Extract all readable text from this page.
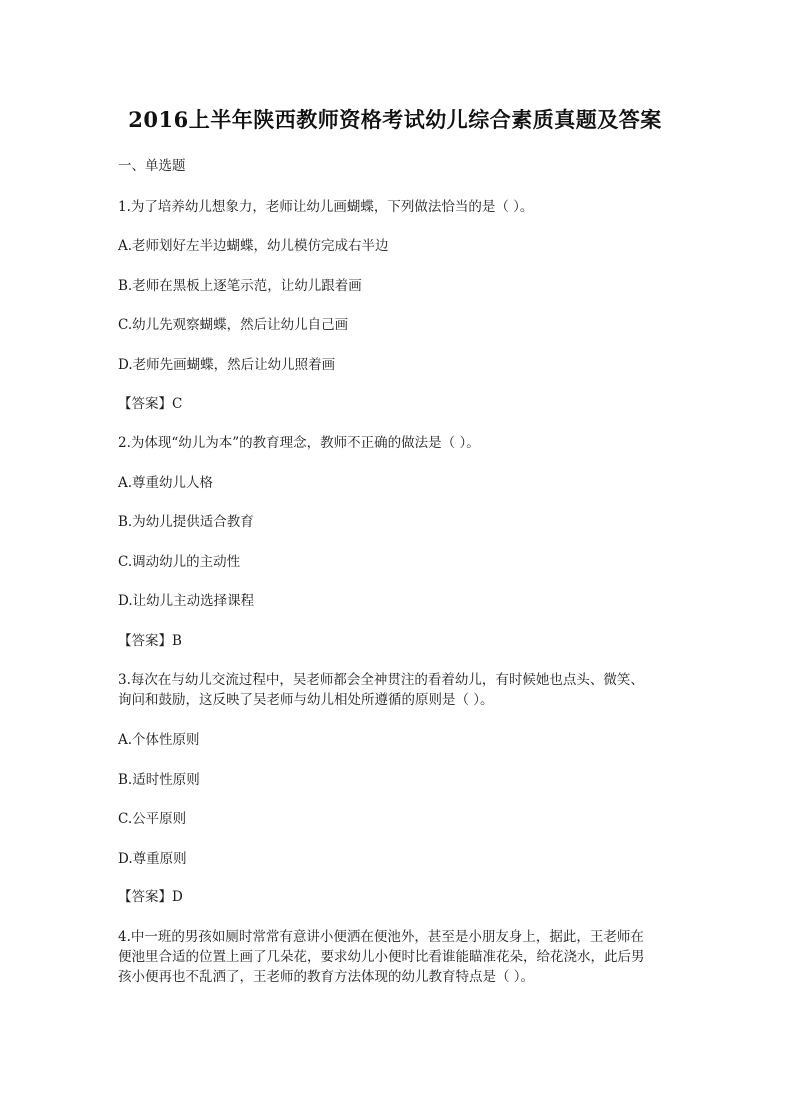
2016上半年陕西教师资格考试幼儿综合素质真题及答案
一、单选题
1.为了培养幼儿想象力，老师让幼儿画蝴蝶，下列做法恰当的是（ ）。
A.老师划好左半边蝴蝶，幼儿模仿完成右半边
B.老师在黑板上逐笔示范，让幼儿跟着画
C.幼儿先观察蝴蝶，然后让幼儿自己画
D.老师先画蝴蝶，然后让幼儿照着画
【答案】C
2.为体现“幼儿为本”的教育理念，教师不正确的做法是（ ）。
A.尊重幼儿人格
B.为幼儿提供适合教育
C.调动幼儿的主动性
D.让幼儿主动选择课程
【答案】B
3.每次在与幼儿交流过程中，吴老师都会全神贯注的看着幼儿，有时候她也点头、微笑、
询问和鼓励，这反映了吴老师与幼儿相处所遵循的原则是（ ）。
A.个体性原则
B.适时性原则
C.公平原则
D.尊重原则
【答案】D
4.中一班的男孩如厕时常常有意讲小便洒在便池外，甚至是小朋友身上，据此，王老师在
便池里合适的位置上画了几朵花，要求幼儿小便时比看谁能瞄准花朵，给花浇水，此后男
孩小便再也不乱洒了，王老师的教育方法体现的幼儿教育特点是（ ）。
